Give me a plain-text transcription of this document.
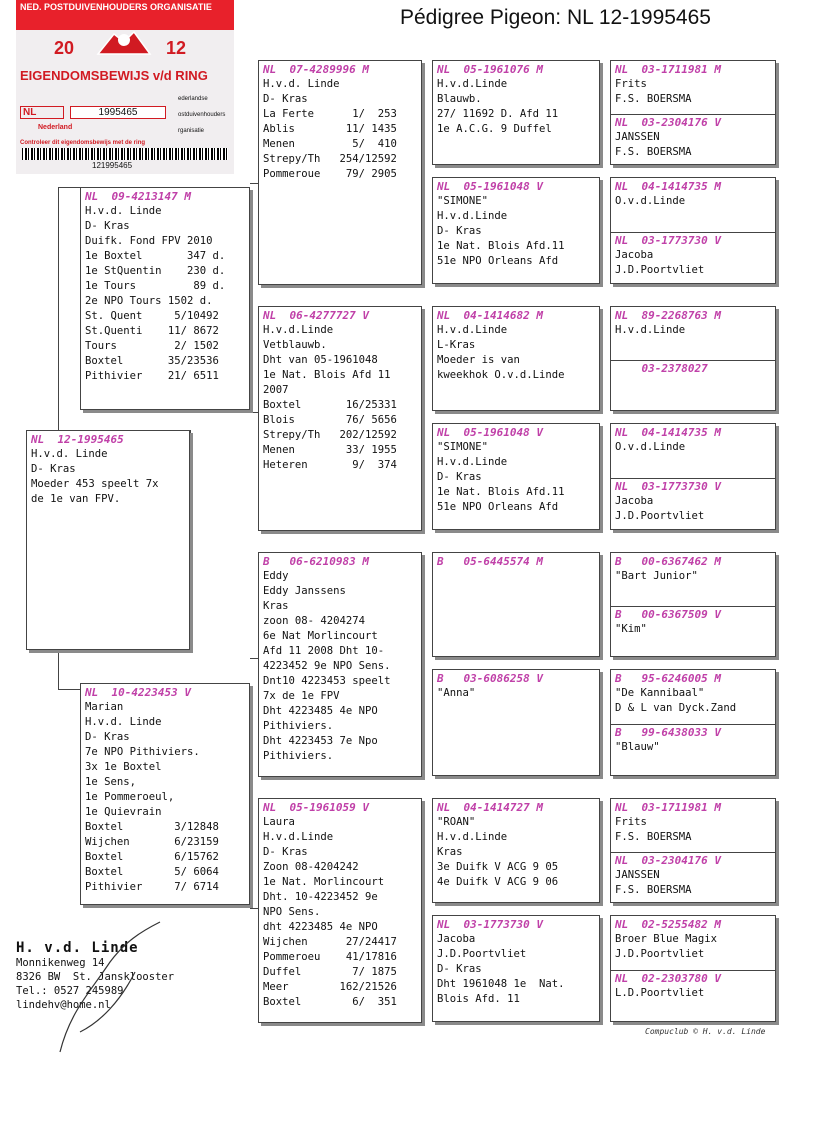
Pédigree Pigeon: NL 12-1995465
NED. POSTDUIVENHOUDERS ORGANISATIE
20	12
EIGENDOMSBEWIJS v/d RING
NL	1995465
Nederland
ederlandse
ostduivenhouders
rganisatie
Controleer dit eigendomsbewijs met de ring
121995465
NL  12-1995465
H.v.d. Linde
D- Kras
Moeder 453 speelt 7x
de 1e van FPV.
NL  09-4213147 M
H.v.d. Linde
D- Kras
Duifk. Fond FPV 2010
1e Boxtel       347 d.
1e StQuentin    230 d.
1e Tours         89 d.
2e NPO Tours 1502 d.
St. Quent     5/10492
St.Quenti    11/ 8672
Tours         2/ 1502
Boxtel       35/23536
Pithivier    21/ 6511
NL  10-4223453 V
Marian
H.v.d. Linde
D- Kras
7e NPO Pithiviers.
3x 1e Boxtel
1e Sens,
1e Pommeroeul,
1e Quievrain
Boxtel        3/12848
Wijchen       6/23159
Boxtel        6/15762
Boxtel        5/ 6064
Pithivier     7/ 6714
NL  07-4289996 M
H.v.d. Linde
D- Kras
La Ferte      1/  253
Ablis        11/ 1435
Menen         5/  410
Strepy/Th   254/12592
Pommeroue    79/ 2905
NL  06-4277727 V
H.v.d.Linde
Vetblauwb.
Dht van 05-1961048
1e Nat. Blois Afd 11
2007
Boxtel       16/25331
Blois        76/ 5656
Strepy/Th   202/12592
Menen        33/ 1955
Heteren       9/  374
B   06-6210983 M
Eddy
Eddy Janssens
Kras
zoon 08- 4204274
6e Nat Morlincourt
Afd 11 2008 Dht 10-
4223452 9e NPO Sens.
Dnt10 4223453 speelt
7x de 1e FPV
Dht 4223485 4e NPO
Pithiviers.
Dht 4223453 7e Npo
Pithiviers.
NL  05-1961059 V
Laura
H.v.d.Linde
D- Kras
Zoon 08-4204242
1e Nat. Morlincourt
Dht. 10-4223452 9e
NPO Sens.
dht 4223485 4e NPO
Wijchen      27/24417
Pommeroeu    41/17816
Duffel        7/ 1875
Meer        162/21526
Boxtel        6/  351
NL  05-1961076 M
H.v.d.Linde
Blauwb.
27/ 11692 D. Afd 11
1e A.C.G. 9 Duffel
NL  05-1961048 V
"SIMONE"
H.v.d.Linde
D- Kras
1e Nat. Blois Afd.11
51e NPO Orleans Afd
NL  04-1414682 M
H.v.d.Linde
L-Kras
Moeder is van
kweekhok O.v.d.Linde
NL  05-1961048 V
"SIMONE"
H.v.d.Linde
D- Kras
1e Nat. Blois Afd.11
51e NPO Orleans Afd
B   05-6445574 M
B   03-6086258 V
"Anna"
NL  04-1414727 M
"ROAN"
H.v.d.Linde
Kras
3e Duifk V ACG 9 05
4e Duifk V ACG 9 06
NL  03-1773730 V
Jacoba
J.D.Poortvliet
D- Kras
Dht 1961048 1e  Nat.
Blois Afd. 11
NL  03-1711981 M
Frits
F.S. BOERSMA
NL  03-2304176 V
JANSSEN
F.S. BOERSMA
NL  04-1414735 M
O.v.d.Linde
NL  03-1773730 V
Jacoba
J.D.Poortvliet
NL  89-2268763 M
H.v.d.Linde
03-2378027
NL  04-1414735 M
O.v.d.Linde
NL  03-1773730 V
Jacoba
J.D.Poortvliet
B   00-6367462 M
"Bart Junior"
B   00-6367509 V
"Kim"
B   95-6246005 M
"De Kannibaal"
D & L van Dyck.Zand
B   99-6438033 V
"Blauw"
NL  03-1711981 M
Frits
F.S. BOERSMA
NL  03-2304176 V
JANSSEN
F.S. BOERSMA
NL  02-5255482 M
Broer Blue Magix
J.D.Poortvliet
NL  02-2303780 V
L.D.Poortvliet
H. v.d. Linde
Monnikenweg 14
8326 BW  St. Jansklooster
Tel.: 0527 245989
lindehv@home.nl
Compuclub © H. v.d. Linde
